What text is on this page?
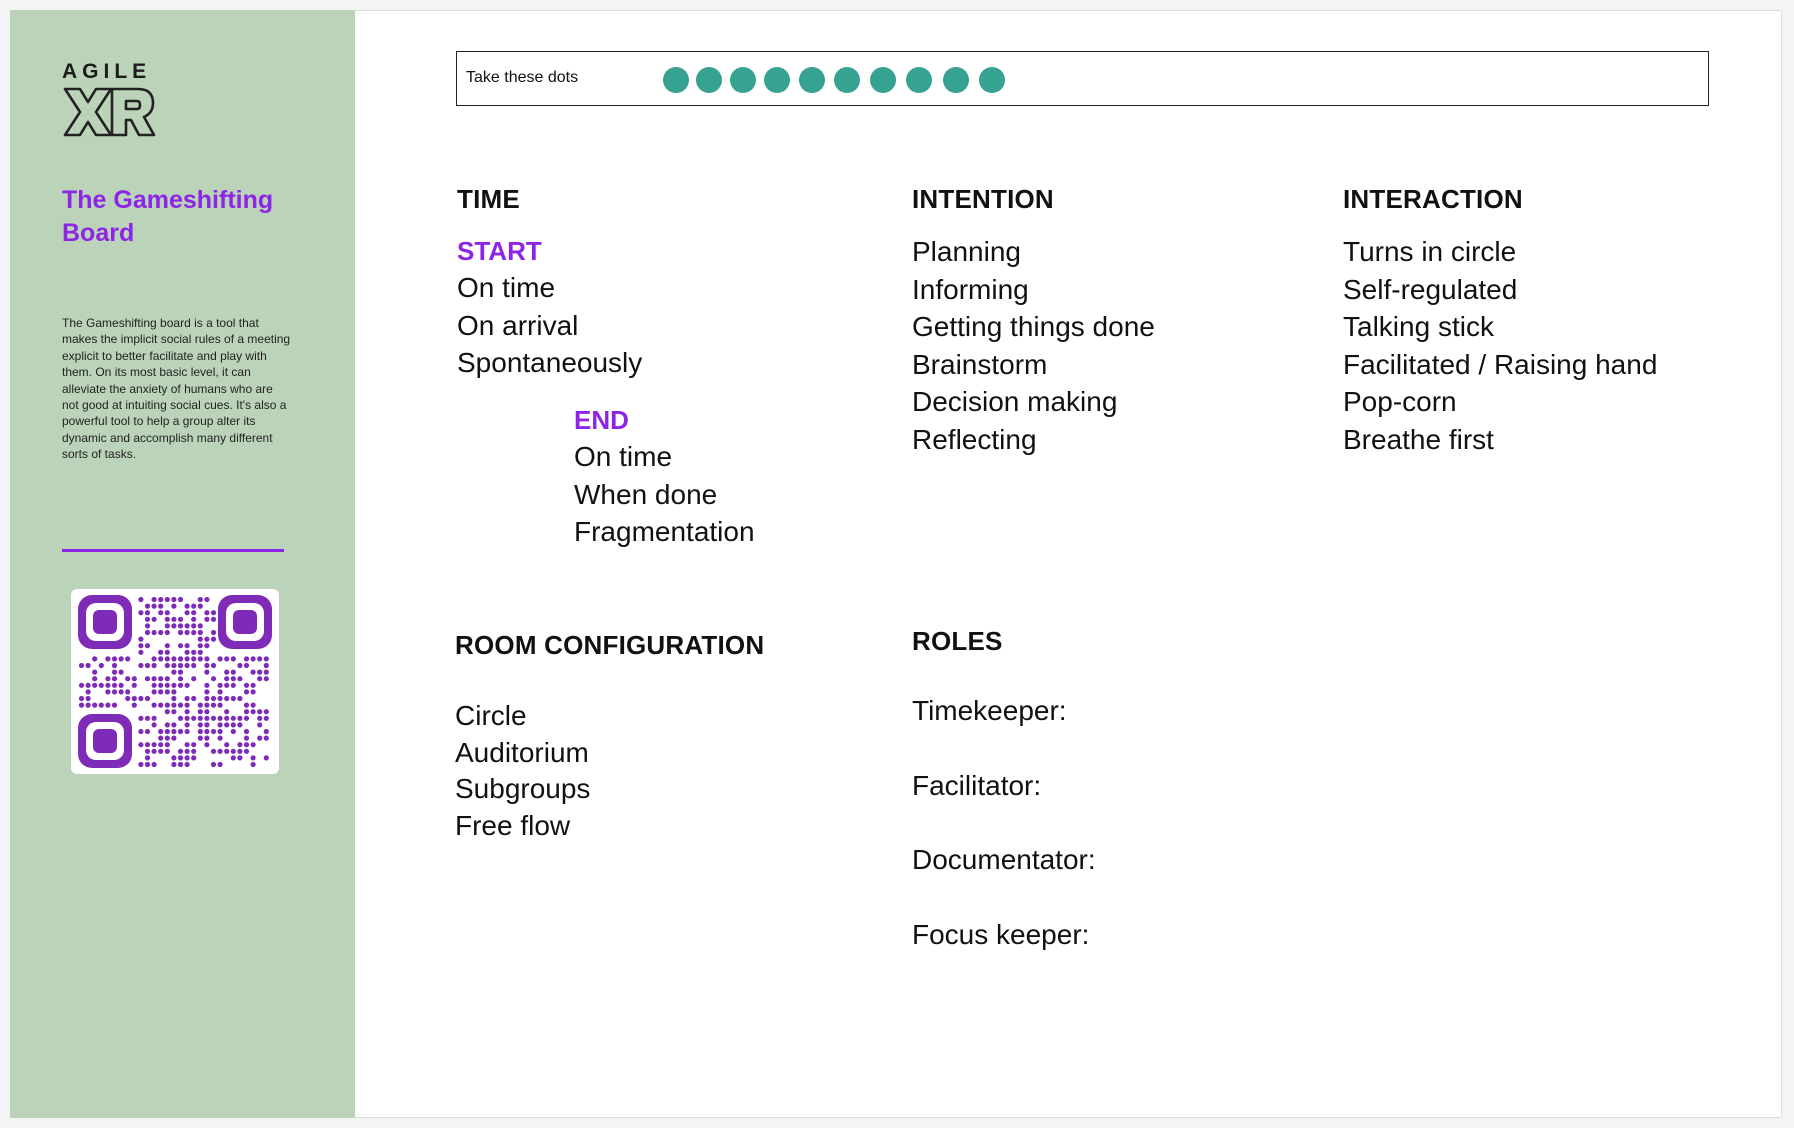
AGILE
The Gameshifting Board
The Gameshifting board is a tool that makes the implicit social rules of a meeting explicit to better facilitate and play with them. On its most basic level, it can alleviate the anxiety of humans who are not good at intuiting social cues. It's also a powerful tool to help a group alter its dynamic and accomplish many different sorts of tasks.
Take these dots
TIME
START
On time
On arrival
Spontaneously
END
On time
When done
Fragmentation
INTENTION
Planning
Informing
Getting things done
Brainstorm
Decision making
Reflecting
INTERACTION
Turns in circle
Self-regulated
Talking stick
Facilitated / Raising hand
Pop-corn
Breathe first
ROOM CONFIGURATION
Circle
Auditorium
Subgroups
Free flow
ROLES
Timekeeper:
Facilitator:
Documentator:
Focus keeper:
